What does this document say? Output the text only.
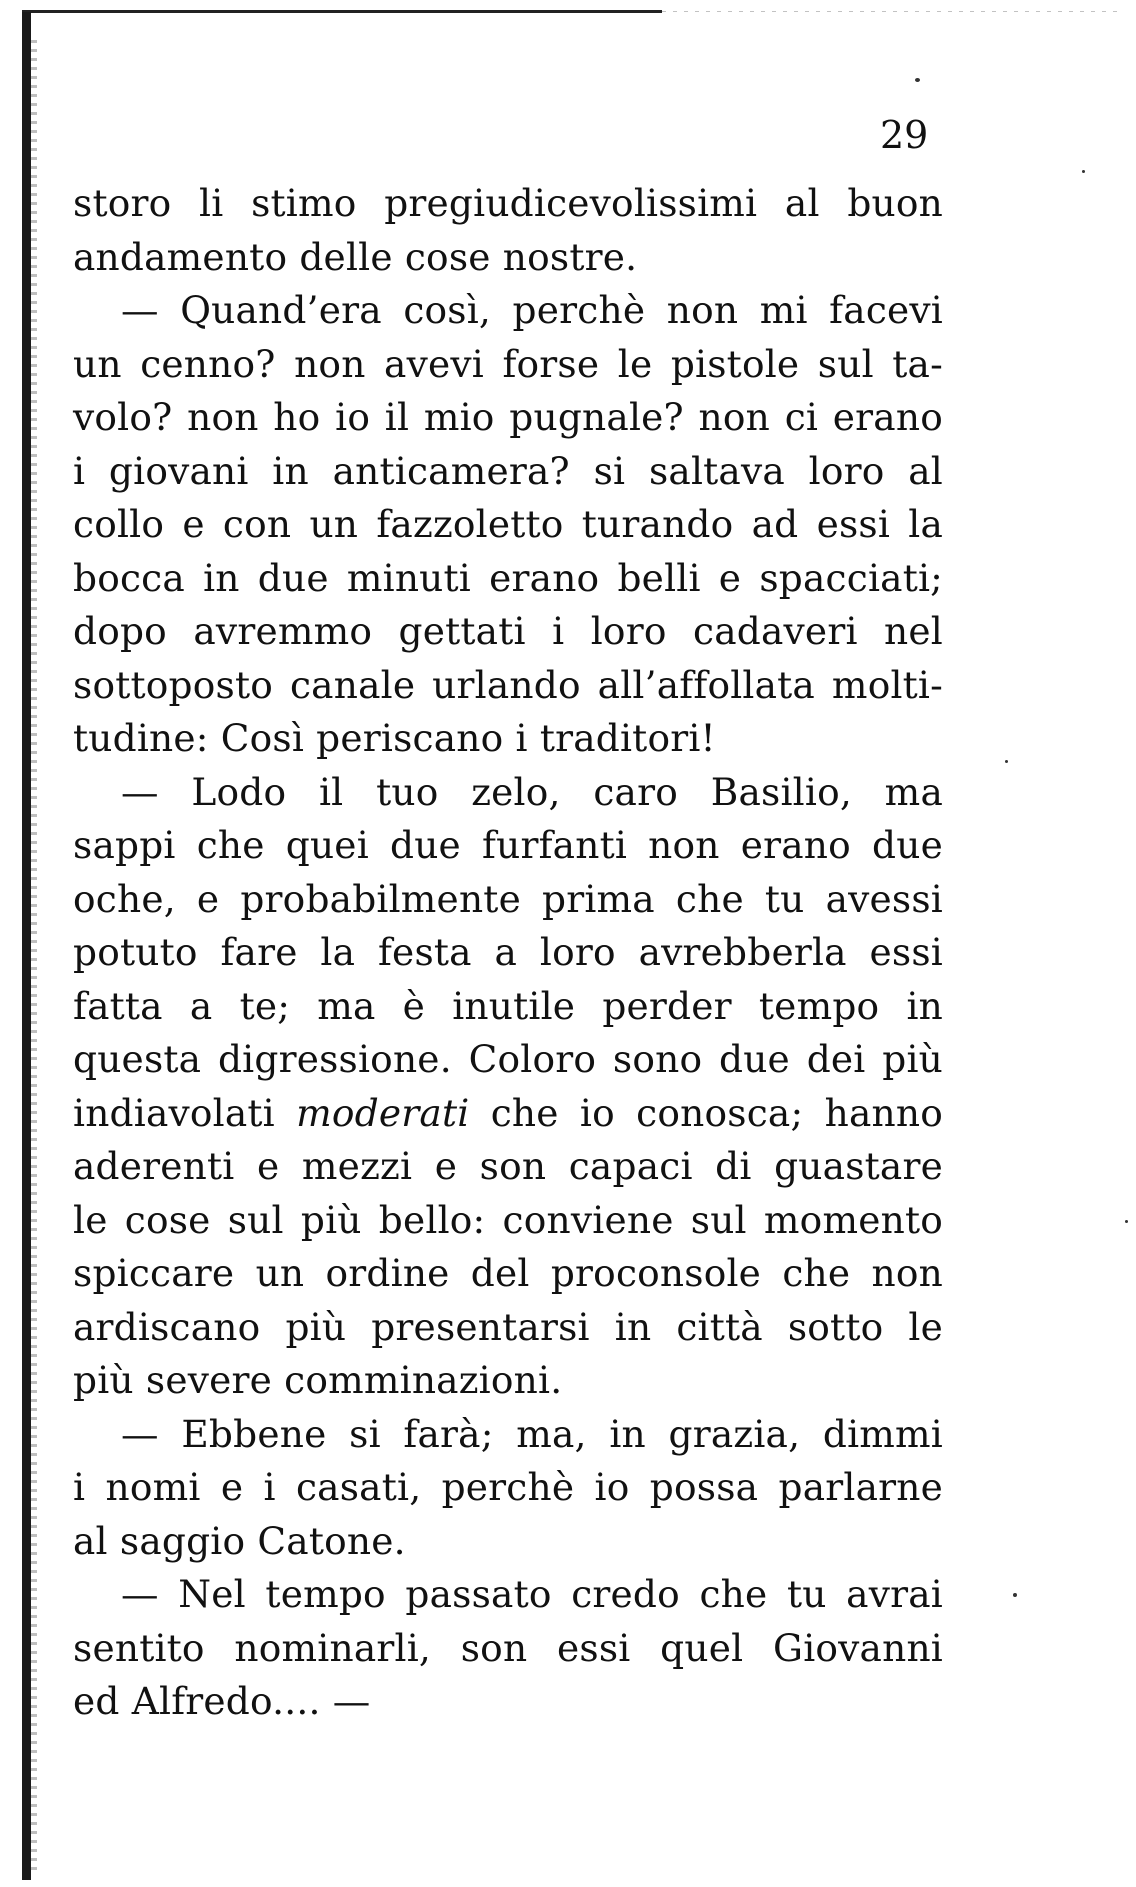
29
storo li stimo pregiudicevolissimi al buon
andamento delle cose nostre.
— Quand’era così, perchè non mi facevi
un cenno? non avevi forse le pistole sul ta-
volo? non ho io il mio pugnale? non ci erano
i giovani in anticamera? si saltava loro al
collo e con un fazzoletto turando ad essi la
bocca in due minuti erano belli e spacciati;
dopo avremmo gettati i loro cadaveri nel
sottoposto canale urlando all’affollata molti-
tudine: Così periscano i traditori!
— Lodo il tuo zelo, caro Basilio, ma
sappi che quei due furfanti non erano due
oche, e probabilmente prima che tu avessi
potuto fare la festa a loro avrebberla essi
fatta a te; ma è inutile perder tempo in
questa digressione. Coloro sono due dei più
indiavolati moderati che io conosca; hanno
aderenti e mezzi e son capaci di guastare
le cose sul più bello: conviene sul momento
spiccare un ordine del proconsole che non
ardiscano più presentarsi in città sotto le
più severe comminazioni.
— Ebbene si farà; ma, in grazia, dimmi
i nomi e i casati, perchè io possa parlarne
al saggio Catone.
— Nel tempo passato credo che tu avrai
sentito nominarli, son essi quel Giovanni
ed Alfredo.... —
